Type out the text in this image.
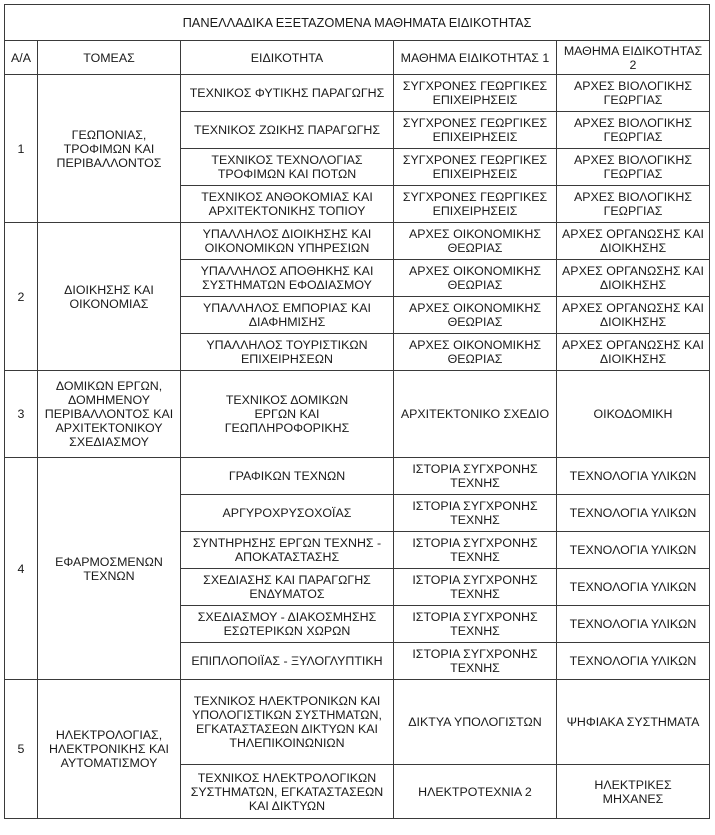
ΠΑΝΕΛΛΑΔΙΚΑ ΕΞΕΤΑΖΟΜΕΝΑ ΜΑΘΗΜΑΤΑ ΕΙΔΙΚΟΤΗΤΑΣ				
Α/Α	ΤΟΜΕΑΣ	ΕΙΔΙΚΟΤΗΤΑ	ΜΑΘΗΜΑ ΕΙΔΙΚΟΤΗΤΑΣ 1	ΜΑΘΗΜΑ ΕΙΔΙΚΟΤΗΤΑΣ 2
1	ΓΕΩΠΟΝΙΑΣ, ΤΡΟΦΙΜΩΝ ΚΑΙ ΠΕΡΙΒΑΛΛΟΝΤΟΣ	ΤΕΧΝΙΚΟΣ ΦΥΤΙΚΗΣ ΠΑΡΑΓΩΓΗΣ	ΣΥΓΧΡΟΝΕΣ ΓΕΩΡΓΙΚΕΣ ΕΠΙΧΕΙΡΗΣΕΙΣ	ΑΡΧΕΣ ΒΙΟΛΟΓΙΚΗΣ ΓΕΩΡΓΙΑΣ
		ΤΕΧΝΙΚΟΣ ΖΩΙΚΗΣ ΠΑΡΑΓΩΓΗΣ	ΣΥΓΧΡΟΝΕΣ ΓΕΩΡΓΙΚΕΣ ΕΠΙΧΕΙΡΗΣΕΙΣ	ΑΡΧΕΣ ΒΙΟΛΟΓΙΚΗΣ ΓΕΩΡΓΙΑΣ
		ΤΕΧΝΙΚΟΣ ΤΕΧΝΟΛΟΓΙΑΣ ΤΡΟΦΙΜΩΝ ΚΑΙ ΠΟΤΩΝ	ΣΥΓΧΡΟΝΕΣ ΓΕΩΡΓΙΚΕΣ ΕΠΙΧΕΙΡΗΣΕΙΣ	ΑΡΧΕΣ ΒΙΟΛΟΓΙΚΗΣ ΓΕΩΡΓΙΑΣ
		ΤΕΧΝΙΚΟΣ ΑΝΘΟΚΟΜΙΑΣ ΚΑΙ ΑΡΧΙΤΕΚΤΟΝΙΚΗΣ ΤΟΠΙΟΥ	ΣΥΓΧΡΟΝΕΣ ΓΕΩΡΓΙΚΕΣ ΕΠΙΧΕΙΡΗΣΕΙΣ	ΑΡΧΕΣ ΒΙΟΛΟΓΙΚΗΣ ΓΕΩΡΓΙΑΣ
2	ΔΙΟΙΚΗΣΗΣ ΚΑΙ ΟΙΚΟΝΟΜΙΑΣ	ΥΠΑΛΛΗΛΟΣ ΔΙΟΙΚΗΣΗΣ ΚΑΙ ΟΙΚΟΝΟΜΙΚΩΝ ΥΠΗΡΕΣΙΩΝ	ΑΡΧΕΣ ΟΙΚΟΝΟΜΙΚΗΣ ΘΕΩΡΙΑΣ	ΑΡΧΕΣ ΟΡΓΑΝΩΣΗΣ ΚΑΙ ΔΙΟΙΚΗΣΗΣ
		ΥΠΑΛΛΗΛΟΣ ΑΠΟΘΗΚΗΣ ΚΑΙ ΣΥΣΤΗΜΑΤΩΝ ΕΦΟΔΙΑΣΜΟΥ	ΑΡΧΕΣ ΟΙΚΟΝΟΜΙΚΗΣ ΘΕΩΡΙΑΣ	ΑΡΧΕΣ ΟΡΓΑΝΩΣΗΣ ΚΑΙ ΔΙΟΙΚΗΣΗΣ
		ΥΠΑΛΛΗΛΟΣ ΕΜΠΟΡΙΑΣ ΚΑΙ ΔΙΑΦΗΜΙΣΗΣ	ΑΡΧΕΣ ΟΙΚΟΝΟΜΙΚΗΣ ΘΕΩΡΙΑΣ	ΑΡΧΕΣ ΟΡΓΑΝΩΣΗΣ ΚΑΙ ΔΙΟΙΚΗΣΗΣ
		ΥΠΑΛΛΗΛΟΣ ΤΟΥΡΙΣΤΙΚΩΝ ΕΠΙΧΕΙΡΗΣΕΩΝ	ΑΡΧΕΣ ΟΙΚΟΝΟΜΙΚΗΣ ΘΕΩΡΙΑΣ	ΑΡΧΕΣ ΟΡΓΑΝΩΣΗΣ ΚΑΙ ΔΙΟΙΚΗΣΗΣ
3	ΔΟΜΙΚΩΝ ΕΡΓΩΝ, ΔΟΜΗΜΕΝΟΥ ΠΕΡΙΒΑΛΛΟΝΤΟΣ ΚΑΙ ΑΡΧΙΤΕΚΤΟΝΙΚΟΥ ΣΧΕΔΙΑΣΜΟΥ	ΤΕΧΝΙΚΟΣ ΔΟΜΙΚΩΝ ΕΡΓΩΝ ΚΑΙ ΓΕΩΠΛΗΡΟΦΟΡΙΚΗΣ	ΑΡΧΙΤΕΚΤΟΝΙΚΟ ΣΧΕΔΙΟ	ΟΙΚΟΔΟΜΙΚΗ
4	ΕΦΑΡΜΟΣΜΕΝΩΝ ΤΕΧΝΩΝ	ΓΡΑΦΙΚΩΝ ΤΕΧΝΩΝ	ΙΣΤΟΡΙΑ ΣΥΓΧΡΟΝΗΣ ΤΕΧΝΗΣ	ΤΕΧΝΟΛΟΓΙΑ ΥΛΙΚΩΝ
		ΑΡΓΥΡΟΧΡΥΣΟΧΟΪΑΣ	ΙΣΤΟΡΙΑ ΣΥΓΧΡΟΝΗΣ ΤΕΧΝΗΣ	ΤΕΧΝΟΛΟΓΙΑ ΥΛΙΚΩΝ
		ΣΥΝΤΗΡΗΣΗΣ ΕΡΓΩΝ ΤΕΧΝΗΣ - ΑΠΟΚΑΤΑΣΤΑΣΗΣ	ΙΣΤΟΡΙΑ ΣΥΓΧΡΟΝΗΣ ΤΕΧΝΗΣ	ΤΕΧΝΟΛΟΓΙΑ ΥΛΙΚΩΝ
		ΣΧΕΔΙΑΣΗΣ ΚΑΙ ΠΑΡΑΓΩΓΗΣ ΕΝΔΥΜΑΤΟΣ	ΙΣΤΟΡΙΑ ΣΥΓΧΡΟΝΗΣ ΤΕΧΝΗΣ	ΤΕΧΝΟΛΟΓΙΑ ΥΛΙΚΩΝ
		ΣΧΕΔΙΑΣΜΟΥ - ΔΙΑΚΟΣΜΗΣΗΣ ΕΣΩΤΕΡΙΚΩΝ ΧΩΡΩΝ	ΙΣΤΟΡΙΑ ΣΥΓΧΡΟΝΗΣ ΤΕΧΝΗΣ	ΤΕΧΝΟΛΟΓΙΑ ΥΛΙΚΩΝ
		ΕΠΙΠΛΟΠΟΙΪΑΣ - ΞΥΛΟΓΛΥΠΤΙΚΗ	ΙΣΤΟΡΙΑ ΣΥΓΧΡΟΝΗΣ ΤΕΧΝΗΣ	ΤΕΧΝΟΛΟΓΙΑ ΥΛΙΚΩΝ
5	ΗΛΕΚΤΡΟΛΟΓΙΑΣ, ΗΛΕΚΤΡΟΝΙΚΗΣ ΚΑΙ ΑΥΤΟΜΑΤΙΣΜΟΥ	ΤΕΧΝΙΚΟΣ ΗΛΕΚΤΡΟΝΙΚΩΝ ΚΑΙ ΥΠΟΛΟΓΙΣΤΙΚΩΝ ΣΥΣΤΗΜΑΤΩΝ, ΕΓΚΑΤΑΣΤΑΣΕΩΝ ΔΙΚΤΥΩΝ ΚΑΙ ΤΗΛΕΠΙΚΟΙΝΩΝΙΩΝ	ΔΙΚΤΥΑ ΥΠΟΛΟΓΙΣΤΩΝ	ΨΗΦΙΑΚΑ ΣΥΣΤΗΜΑΤΑ
		ΤΕΧΝΙΚΟΣ ΗΛΕΚΤΡΟΛΟΓΙΚΩΝ ΣΥΣΤΗΜΑΤΩΝ, ΕΓΚΑΤΑΣΤΑΣΕΩΝ ΚΑΙ ΔΙΚΤΥΩΝ	ΗΛΕΚΤΡΟΤΕΧΝΙΑ 2	ΗΛΕΚΤΡΙΚΕΣ ΜΗΧΑΝΕΣ
